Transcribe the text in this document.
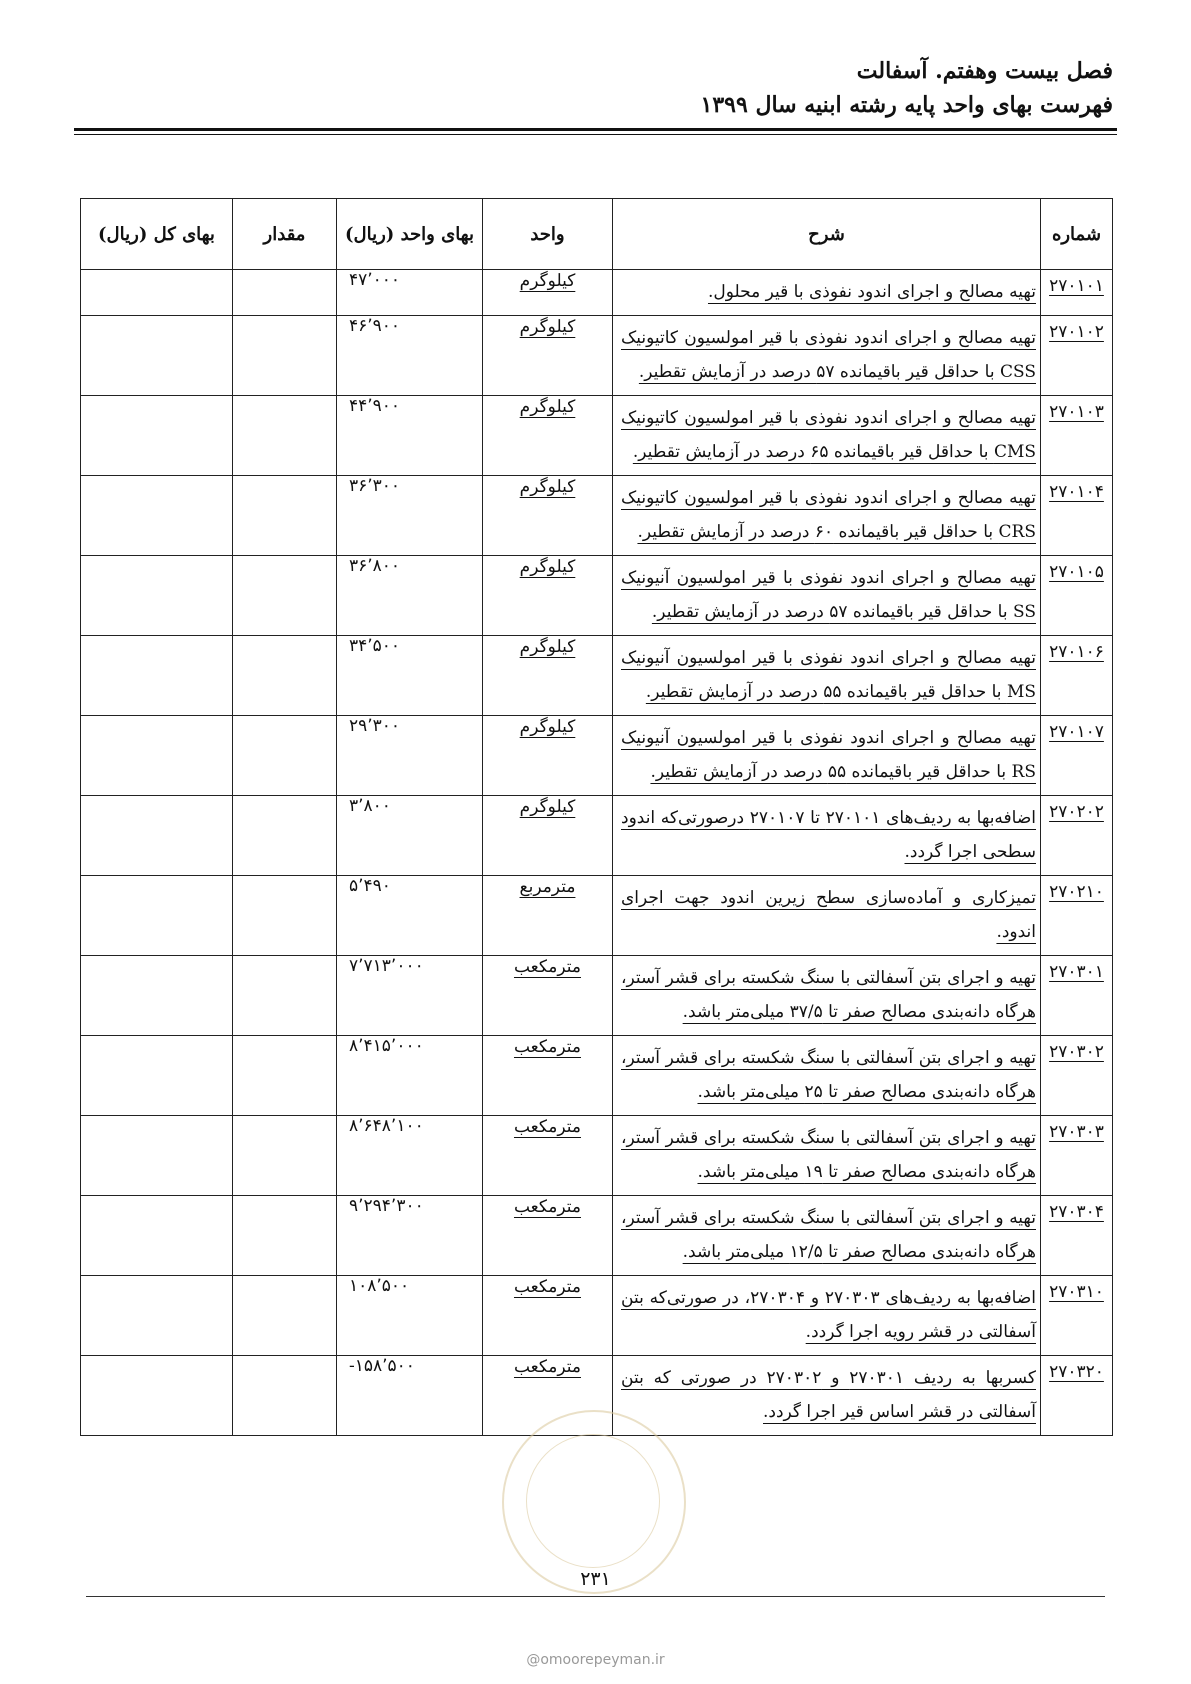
فصل بیست وهفتم. آسفالت
فهرست بهای واحد پایه رشته ابنیه سال ۱۳۹۹
شماره	شرح	واحد	بهای واحد (ریال)	مقدار	بهای کل (ریال)
۲۷۰۱۰۱	تهیه مصالح و اجرای اندود نفوذی با قیر محلول.	کیلوگرم	۴۷٬۰۰۰		
۲۷۰۱۰۲	تهیه مصالح و اجرای اندود نفوذی با قیر امولسیون کاتیونیک CSS با حداقل قیر باقیمانده ۵۷ درصد در آزمایش تقطیر.	کیلوگرم	۴۶٬۹۰۰		
۲۷۰۱۰۳	تهیه مصالح و اجرای اندود نفوذی با قیر امولسیون کاتیونیک CMS با حداقل قیر باقیمانده ۶۵ درصد در آزمایش تقطیر.	کیلوگرم	۴۴٬۹۰۰		
۲۷۰۱۰۴	تهیه مصالح و اجرای اندود نفوذی با قیر امولسیون کاتیونیک CRS با حداقل قیر باقیمانده ۶۰ درصد در آزمایش تقطیر.	کیلوگرم	۳۶٬۳۰۰		
۲۷۰۱۰۵	تهیه مصالح و اجرای اندود نفوذی با قیر امولسیون آنیونیک SS با حداقل قیر باقیمانده ۵۷ درصد در آزمایش تقطیر.	کیلوگرم	۳۶٬۸۰۰		
۲۷۰۱۰۶	تهیه مصالح و اجرای اندود نفوذی با قیر امولسیون آنیونیک MS با حداقل قیر باقیمانده ۵۵ درصد در آزمایش تقطیر.	کیلوگرم	۳۴٬۵۰۰		
۲۷۰۱۰۷	تهیه مصالح و اجرای اندود نفوذی با قیر امولسیون آنیونیک RS با حداقل قیر باقیمانده ۵۵ درصد در آزمایش تقطیر.	کیلوگرم	۲۹٬۳۰۰		
۲۷۰۲۰۲	اضافه‌بها به ردیف‌های ۲۷۰۱۰۱ تا ۲۷۰۱۰۷ درصورتی‌که اندود سطحی اجرا گردد.	کیلوگرم	۳٬۸۰۰		
۲۷۰۲۱۰	تمیزکاری و آماده‌سازی سطح زیرین اندود جهت اجرای اندود.	مترمربع	۵٬۴۹۰		
۲۷۰۳۰۱	تهیه و اجرای بتن آسفالتی با سنگ شکسته برای قشر آستر، هرگاه دانه‌بندی مصالح صفر تا ۳۷/۵ میلی‌متر باشد.	مترمکعب	۷٬۷۱۳٬۰۰۰		
۲۷۰۳۰۲	تهیه و اجرای بتن آسفالتی با سنگ شکسته برای قشر آستر، هرگاه دانه‌بندی مصالح صفر تا ۲۵ میلی‌متر باشد.	مترمکعب	۸٬۴۱۵٬۰۰۰		
۲۷۰۳۰۳	تهیه و اجرای بتن آسفالتی با سنگ شکسته برای قشر آستر، هرگاه دانه‌بندی مصالح صفر تا ۱۹ میلی‌متر باشد.	مترمکعب	۸٬۶۴۸٬۱۰۰		
۲۷۰۳۰۴	تهیه و اجرای بتن آسفالتی با سنگ شکسته برای قشر آستر، هرگاه دانه‌بندی مصالح صفر تا ۱۲/۵ میلی‌متر باشد.	مترمکعب	۹٬۲۹۴٬۳۰۰		
۲۷۰۳۱۰	اضافه‌بها به ردیف‌های ۲۷۰۳۰۳ و ۲۷۰۳۰۴، در صورتی‌که بتن آسفالتی در قشر رویه اجرا گردد.	مترمکعب	۱۰۸٬۵۰۰		
۲۷۰۳۲۰	کسربها به ردیف ۲۷۰۳۰۱ و ۲۷۰۳۰۲ در صورتی که بتن آسفالتی در قشر اساس قیر اجرا گردد.	مترمکعب	-۱۵۸٬۵۰۰		
۲۳۱
@omoorepeyman.ir
